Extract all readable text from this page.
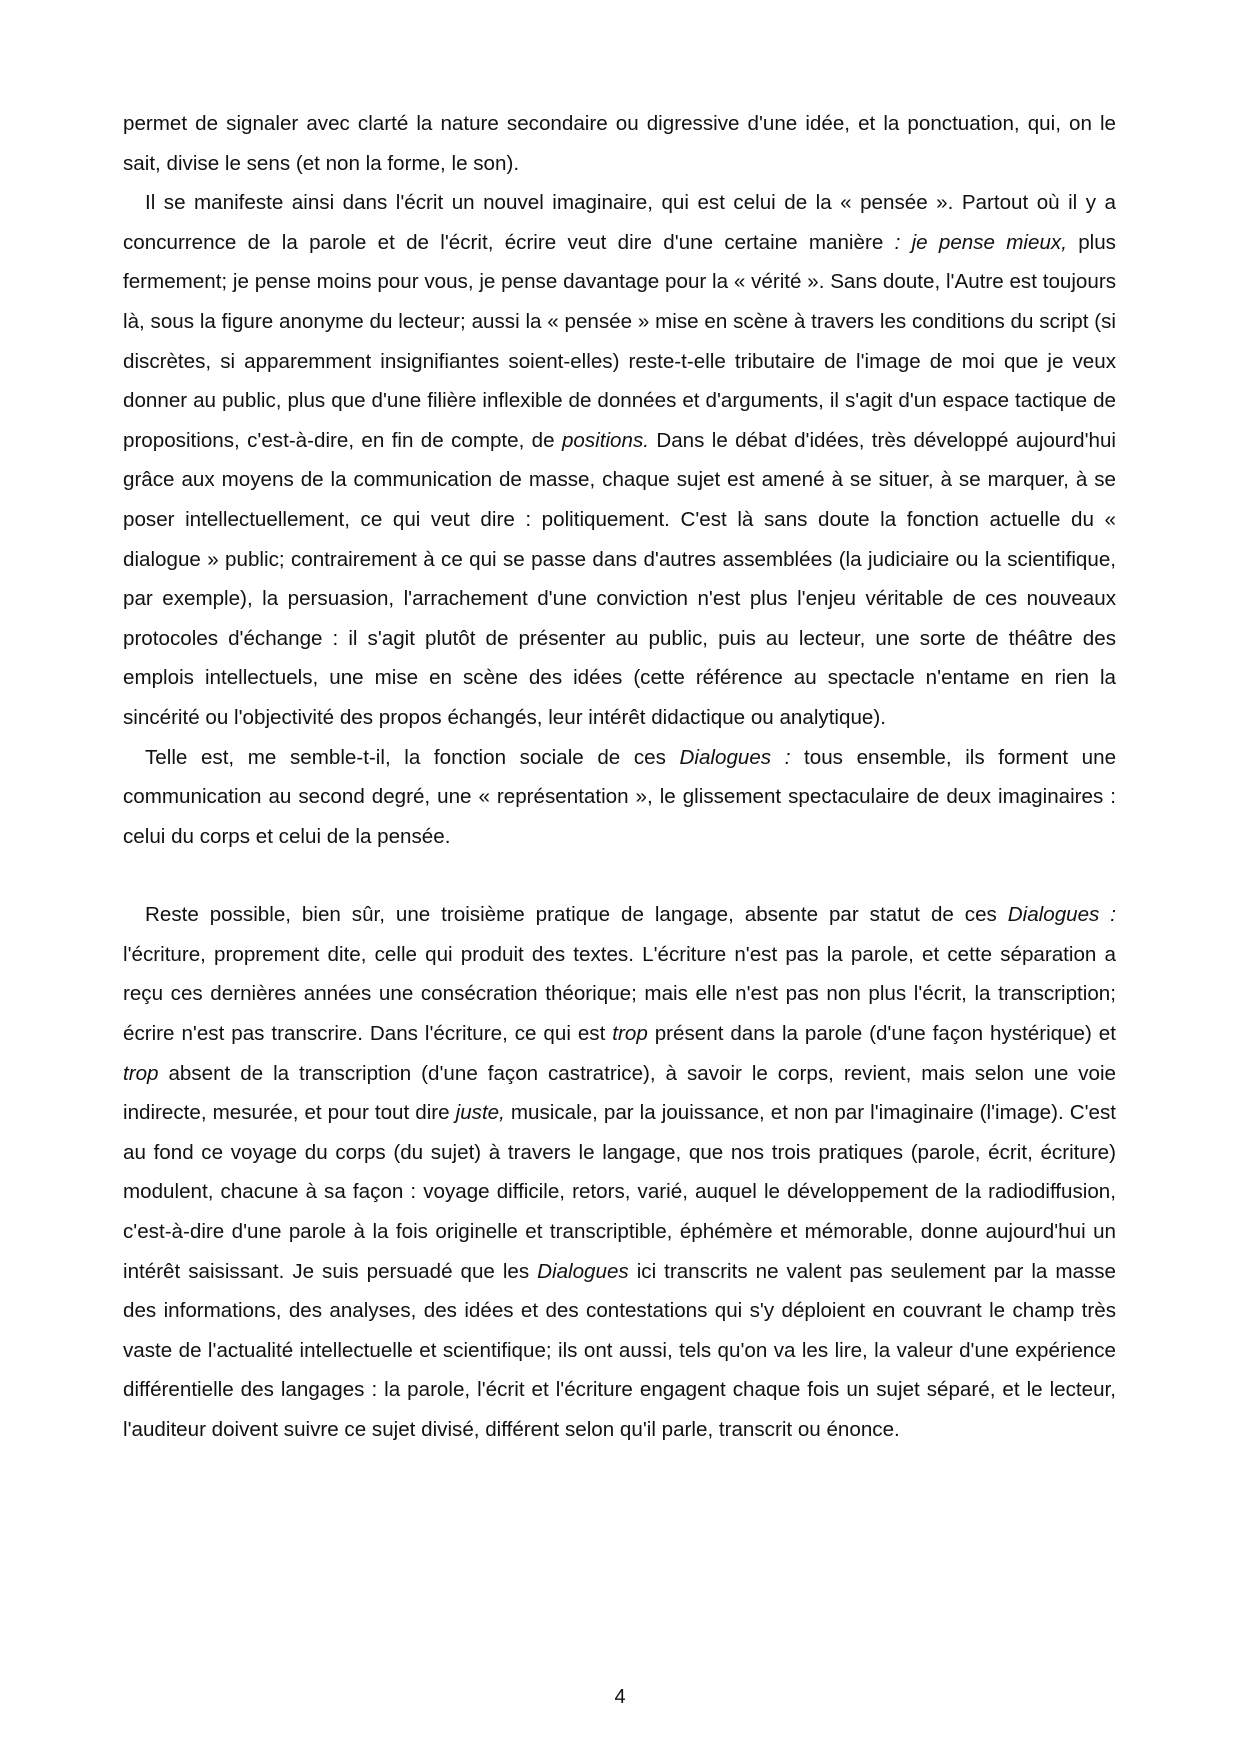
permet de signaler avec clarté la nature secondaire ou digressive d'une idée, et la ponctuation, qui, on le sait, divise le sens (et non la forme, le son).

Il se manifeste ainsi dans l'écrit un nouvel imaginaire, qui est celui de la « pensée ». Partout où il y a concurrence de la parole et de l'écrit, écrire veut dire d'une certaine manière : je pense mieux, plus fermement; je pense moins pour vous, je pense davantage pour la « vérité ». Sans doute, l'Autre est toujours là, sous la figure anonyme du lecteur; aussi la « pensée » mise en scène à travers les conditions du script (si discrètes, si apparemment insignifiantes soient-elles) reste-t-elle tributaire de l'image de moi que je veux donner au public, plus que d'une filière inflexible de données et d'arguments, il s'agit d'un espace tactique de propositions, c'est-à-dire, en fin de compte, de positions. Dans le débat d'idées, très développé aujourd'hui grâce aux moyens de la communication de masse, chaque sujet est amené à se situer, à se marquer, à se poser intellectuellement, ce qui veut dire : politiquement. C'est là sans doute la fonction actuelle du « dialogue » public; contrairement à ce qui se passe dans d'autres assemblées (la judiciaire ou la scientifique, par exemple), la persuasion, l'arrachement d'une conviction n'est plus l'enjeu véritable de ces nouveaux protocoles d'échange : il s'agit plutôt de présenter au public, puis au lecteur, une sorte de théâtre des emplois intellectuels, une mise en scène des idées (cette référence au spectacle n'entame en rien la sincérité ou l'objectivité des propos échangés, leur intérêt didactique ou analytique).

Telle est, me semble-t-il, la fonction sociale de ces Dialogues : tous ensemble, ils forment une communication au second degré, une « représentation », le glissement spectaculaire de deux imaginaires : celui du corps et celui de la pensée.

Reste possible, bien sûr, une troisième pratique de langage, absente par statut de ces Dialogues : l'écriture, proprement dite, celle qui produit des textes. L'écriture n'est pas la parole, et cette séparation a reçu ces dernières années une consécration théorique; mais elle n'est pas non plus l'écrit, la transcription; écrire n'est pas transcrire. Dans l'écriture, ce qui est trop présent dans la parole (d'une façon hystérique) et trop absent de la transcription (d'une façon castratrice), à savoir le corps, revient, mais selon une voie indirecte, mesurée, et pour tout dire juste, musicale, par la jouissance, et non par l'imaginaire (l'image). C'est au fond ce voyage du corps (du sujet) à travers le langage, que nos trois pratiques (parole, écrit, écriture) modulent, chacune à sa façon : voyage difficile, retors, varié, auquel le développement de la radiodiffusion, c'est-à-dire d'une parole à la fois originelle et transcriptible, éphémère et mémorable, donne aujourd'hui un intérêt saisissant. Je suis persuadé que les Dialogues ici transcrits ne valent pas seulement par la masse des informations, des analyses, des idées et des contestations qui s'y déploient en couvrant le champ très vaste de l'actualité intellectuelle et scientifique; ils ont aussi, tels qu'on va les lire, la valeur d'une expérience différentielle des langages : la parole, l'écrit et l'écriture engagent chaque fois un sujet séparé, et le lecteur, l'auditeur doivent suivre ce sujet divisé, différent selon qu'il parle, transcrit ou énonce.

4
